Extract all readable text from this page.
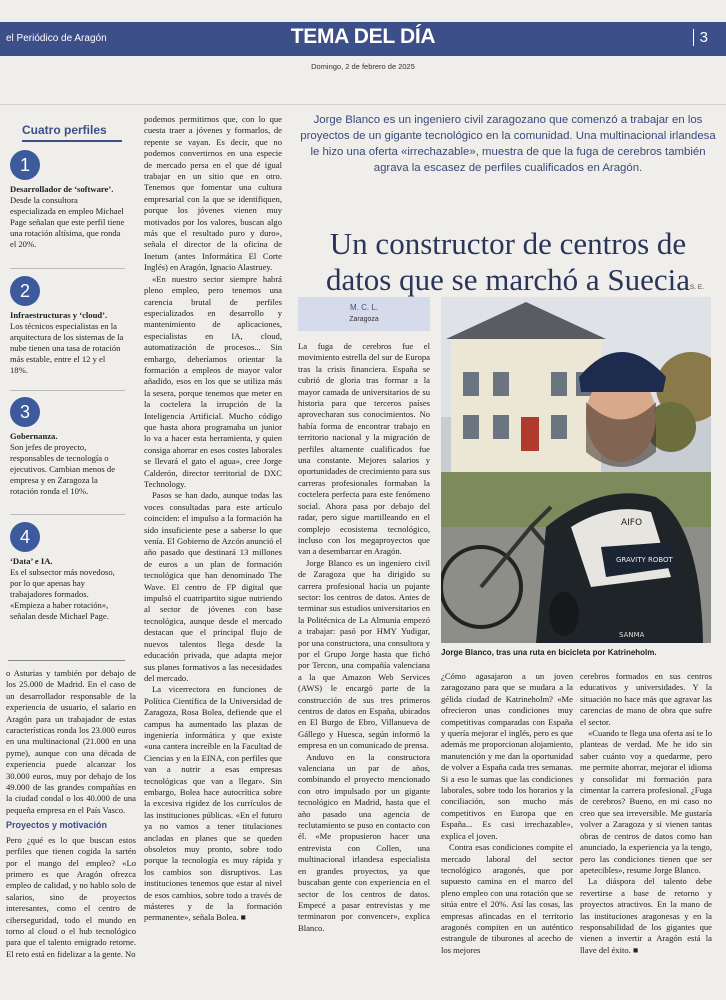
el Periódico de Aragón	TEMA DEL DÍA	3
Domingo, 2 de febrero de 2025
Cuatro perfiles
1
Desarrollador de ‘software’.
Desde la consultora especializada en empleo Michael Page señalan que este perfil tiene una rotación altísima, que ronda el 20%.
2
Infraestructuras y ‘cloud’.
Los técnicos especialistas en la arquitectura de los sistemas de la nube tienen una tasa de rotación más estable, entre el 12 y el 18%.
3
Gobernanza.
Son jefes de proyecto, responsables de tecnología o ejecutivos. Cambian menos de empresa y en Zaragoza la rotación ronda el 10%.
4
‘Data’ e IA.
Es el subsector más novedoso, por lo que apenas hay trabajadores formados. «Empieza a haber rotación», señalan desde Michael Page.

o Asturias y también por debajo de los 25.000 de Madrid. En el caso de un desarrollador responsable de la experiencia de usuario, el salario en Aragón para un trabajador de estas características ronda los 23.000 euros en una multinacional (21.000 en una pyme), aunque con una década de experiencia puede alcanzar los 30.000 euros, muy por debajo de los 49.000 de las grandes compañías en la ciudad condal o los 40.000 de una pequeña empresa en el País Vasco.

Proyectos y motivación

Pero ¿qué es lo que buscan estos perfiles que tienen cogida la sartén por el mango del empleo? «Lo primero es que Aragón ofrezca empleo de calidad, y no hablo solo de salarios, sino de proyectos interesantes, como el centro de ciberseguridad, todo el mundo en torno al cloud o el hub tecnológico para que el talento emigrado retorne. El reto está en fidelizar a la gente. No

podemos permitirnos que, con lo que cuesta traer a jóvenes y formarlos, de repente se vayan. Es decir, que no podemos convertirnos en una especie de mercado persa en el que dé igual trabajar en un sitio que en otro. Tenemos que fomentar una cultura empresarial con la que se identifiquen, porque los jóvenes vienen muy motivados por los valores, buscan algo más que el resultado puro y duro», señala el director de la oficina de Inetum (antes Informática El Corte Inglés) en Aragón, Ignacio Alastruey.

«En nuestro sector siempre habrá pleno empleo, pero tenemos una carencia brutal de perfiles especializados en desarrollo y mantenimiento de aplicaciones, especialistas en IA, cloud, automatización de procesos... Sin embargo, deberíamos orientar la formación a empleos de mayor valor añadido, esos en los que se utiliza más la sesera, porque tenemos que meter en la coctelera la irrupción de la Inteligencia Artificial. Mucho código que hasta ahora programaba un junior lo va a hacer esta herramienta, y quien consiga ahorrar en esos costes laborales se llevará el gato el agua», cree Jorge Calderón, director territorial de DXC Technology.

Pasos se han dado, aunque todas las voces consultadas para este artículo coinciden: el impulso a la formación ha sido insuficiente pese a saberse lo que venía. El Gobierno de Azcón anunció el año pasado que destinará 13 millones de euros a un plan de formación tecnológica que han denominado The Wave. El centro de FP digital que impulsó el cuatripartito sigue nutriendo al sector de jóvenes con base tecnológica, aunque desde el mercado destacan que el principal flujo de nuevos talentos llega desde la educación privada, que adapta mejor sus planes formativos a las necesidades del mercado.

La vicerrectora en funciones de Política Científica de la Universidad de Zaragoza, Rosa Bolea, defiende que el campus ha aumentado las plazas de ingeniería informática y que existe «una cantera increíble en la Facultad de Ciencias y en la EINA, con perfiles que van a nutrir a esas empresas tecnológicas que van a llegar». Sin embargo, Bolea hace autocrítica sobre la excesiva rigidez de los currículos de las instituciones públicas. «En el futuro ya no vamos a tener titulaciones ancladas en planes que se queden obsoletos muy pronto, sobre todo porque la tecnología es muy rápida y los cambios son disruptivos. Las instituciones tenemos que estar al nivel de esos cambios, sobre todo a través de másteres y de la formación permanente», señala Bolea. ■

Jorge Blanco es un ingeniero civil zaragozano que comenzó a trabajar en los proyectos de un gigante tecnológico en la comunidad. Una multinacional irlandesa le hizo una oferta «irrechazable», muestra de que la fuga de cerebros también agrava la escasez de perfiles cualificados en Aragón.
Un constructor de centros de datos que se marchó a Suecia S. E.
M. C. L.
Zaragoza

La fuga de cerebros fue el movimiento estrella del sur de Europa tras la crisis financiera. España se cubrió de gloria tras formar a la mayor camada de universitarios de su historia para que terceros países aprovecharan sus conocimientos. No había forma de encontrar trabajo en territorio nacional y la migración de perfiles altamente cualificados fue una constante. Mejores salarios y oportunidades de crecimiento para sus carreras profesionales formaban la coctelera perfecta para este fenómeno social. Ahora pasa por debajo del radar, pero sigue martilleando en el complejo ecosistema tecnológico, incluso con los megaproyectos que van a desembarcar en Aragón.

Jorge Blanco es un ingeniero civil de Zaragoza que ha dirigido su carrera profesional hacia un pujante sector: los centros de datos. Antes de terminar sus estudios universitarios en la Politécnica de La Almunia empezó a trabajar: pasó por HMY Yudigar, por una constructora, una consultora y por el Grupo Jorge hasta que fichó por Tercon, una compañía valenciana a la que Amazon Web Services (AWS) le encargó parte de la construcción de sus tres primeros centros de datos en España, ubicados en El Burgo de Ebro, Villanueva de Gállego y Huesca, según informó la empresa en un comunicado de prensa.

Anduvo en la constructora valenciana un par de años, combinando el proyecto mencionado con otro impulsado por un gigante tecnológico en Madrid, hasta que el año pasado una agencia de reclutamiento se puso en contacto con él. «Me propusieron hacer una entrevista con Collen, una multinacional irlandesa especialista en grandes proyectos, ya que buscaban gente con experiencia en el sector de los centros de datos. Empecé a pasar entrevistas y me terminaron por convencer», explica Blanco.

AIFO
GRAVITY ROBOT
SANMA
Jorge Blanco, tras una ruta en bicicleta por Katrineholm.

¿Cómo agasajaron a un joven zaragozano para que se mudara a la gélida ciudad de Katrineholm? «Me ofrecieron unas condiciones muy competitivas comparadas con España y quería mejorar el inglés, pero es que además me proporcionan alojamiento, manutención y me dan la oportunidad de volver a España cada tres semanas. Si a eso le sumas que las condiciones laborales, sobre todo los horarios y la conciliación, son mucho más competitivos en Europa que en España... Es casi irrechazable», explica el joven.

Contra esas condiciones compite el mercado laboral del sector tecnológico aragonés, que por supuesto camina en el marco del pleno empleo con una rotación que se sitúa entre el 20%. Así las cosas, las empresas afincadas en el territorio aragonés compiten en un auténtico estrangule de tiburones al acecho de los mejores

cerebros formados en sus centros educativos y universidades. Y la situación no hace más que agravar las carencias de mano de obra que sufre el sector.

«Cuando te llega una oferta así te lo planteas de verdad. Me he ido sin saber cuánto voy a quedarme, pero me permite ahorrar, mejorar el idioma y consolidar mi formación para cimentar la carrera profesional. ¿Fuga de cerebros? Bueno, en mi caso no creo que sea irreversible. Me gustaría volver a Zaragoza y si vienen tantas obras de centros de datos como han anunciado, la experiencia ya la tengo, pero las condiciones tienen que ser apetecibles», resume Jorge Blanco.

La diáspora del talento debe revertirse a base de retorno y proyectos atractivos. En la mano de las instituciones aragonesas y en la responsabilidad de los gigantes que vienen a invertir a Aragón está la llave del éxito. ■
